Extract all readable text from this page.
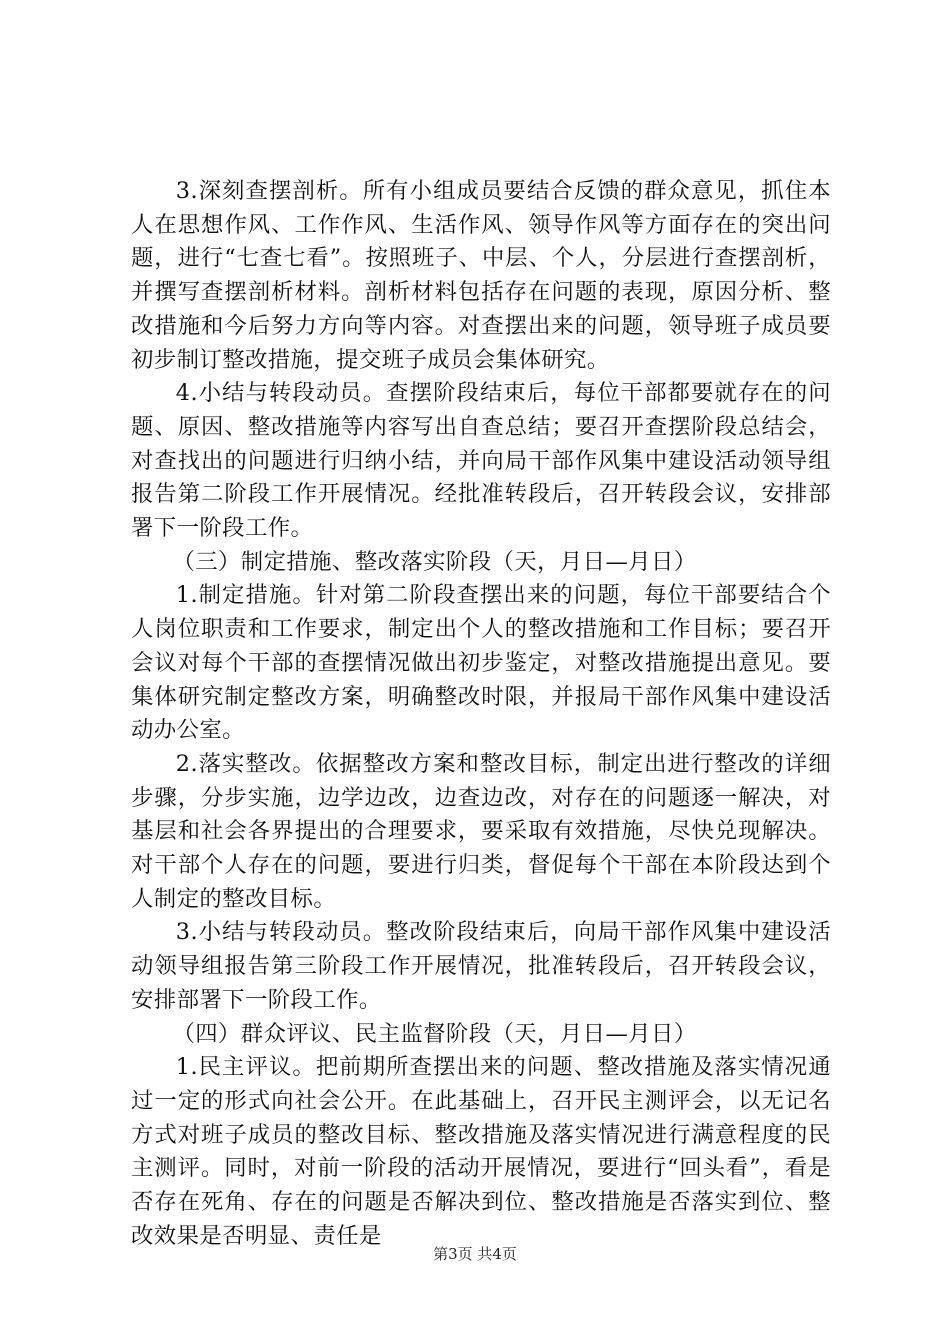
3.深刻查摆剖析。所有小组成员要结合反馈的群众意见，抓住本人在思想作风、工作作风、生活作风、领导作风等方面存在的突出问题，进行“七查七看”。按照班子、中层、个人，分层进行查摆剖析，并撰写查摆剖析材料。剖析材料包括存在问题的表现，原因分析、整改措施和今后努力方向等内容。对查摆出来的问题，领导班子成员要初步制订整改措施，提交班子成员会集体研究。

4.小结与转段动员。查摆阶段结束后，每位干部都要就存在的问题、原因、整改措施等内容写出自查总结；要召开查摆阶段总结会，对查找出的问题进行归纳小结，并向局干部作风集中建设活动领导组报告第二阶段工作开展情况。经批准转段后，召开转段会议，安排部署下一阶段工作。

（三）制定措施、整改落实阶段（天，月日—月日）

1.制定措施。针对第二阶段查摆出来的问题，每位干部要结合个人岗位职责和工作要求，制定出个人的整改措施和工作目标；要召开会议对每个干部的查摆情况做出初步鉴定，对整改措施提出意见。要集体研究制定整改方案，明确整改时限，并报局干部作风集中建设活动办公室。

2.落实整改。依据整改方案和整改目标，制定出进行整改的详细步骤，分步实施，边学边改，边查边改，对存在的问题逐一解决，对基层和社会各界提出的合理要求，要采取有效措施，尽快兑现解决。对干部个人存在的问题，要进行归类，督促每个干部在本阶段达到个人制定的整改目标。

3.小结与转段动员。整改阶段结束后，向局干部作风集中建设活动领导组报告第三阶段工作开展情况，批准转段后，召开转段会议，安排部署下一阶段工作。

（四）群众评议、民主监督阶段（天，月日—月日）

1.民主评议。把前期所查摆出来的问题、整改措施及落实情况通过一定的形式向社会公开。在此基础上，召开民主测评会，以无记名方式对班子成员的整改目标、整改措施及落实情况进行满意程度的民主测评。同时，对前一阶段的活动开展情况，要进行“回头看”，看是否存在死角、存在的问题是否解决到位、整改措施是否落实到位、整改效果是否明显、责任是

第3页 共4页
